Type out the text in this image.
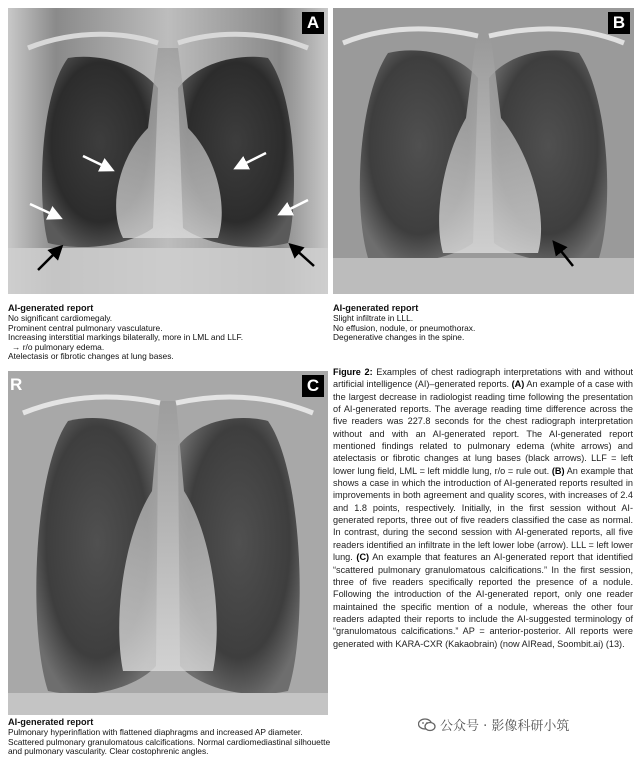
A	B
AI-generated report
No significant cardiomegaly.
Prominent central pulmonary vasculature.
Increasing interstitial markings bilaterally, more in LML and LLF.
→ r/o pulmonary edema.
Atelectasis or fibrotic changes at lung bases.
AI-generated report
Slight infiltrate in LLL.
No effusion, nodule, or pneumothorax.
Degenerative changes in the spine.
R	C
AI-generated report
Pulmonary hyperinflation with flattened diaphragms and increased AP diameter. Scattered pulmonary granulomatous calcifications. Normal cardiomediastinal silhouette and pulmonary vascularity. Clear costophrenic angles.
Figure 2: Examples of chest radiograph interpretations with and without artificial intelligence (AI)–generated reports. (A) An example of a case with the largest decrease in radiologist reading time following the presentation of AI-generated reports. The average reading time difference across the five readers was 227.8 seconds for the chest radiograph interpretation without and with an AI-generated report. The AI-generated report mentioned findings related to pulmonary edema (white arrows) and atelectasis or fibrotic changes at lung bases (black arrows). LLF = left lower lung field, LML = left middle lung, r/o = rule out. (B) An example that shows a case in which the introduction of AI-generated reports resulted in improvements in both agreement and quality scores, with increases of 2.4 and 1.8 points, respectively. Initially, in the first session without AI-generated reports, three out of five readers classified the case as normal. In contrast, during the second session with AI-generated reports, all five readers identified an infiltrate in the left lower lobe (arrow). LLL = left lower lung. (C) An example that features an AI-generated report that identified “scattered pulmonary granulomatous calcifications.” In the first session, three of five readers specifically reported the presence of a nodule. Following the introduction of the AI-generated report, only one reader maintained the specific mention of a nodule, whereas the other four readers adapted their reports to include the AI-suggested terminology of “granulomatous calcifications.” AP = anterior-posterior. All reports were generated with KARA-CXR (Kakaobrain) (now AIRead, Soombit.ai) (13).
公众号 · 影像科研小筑
